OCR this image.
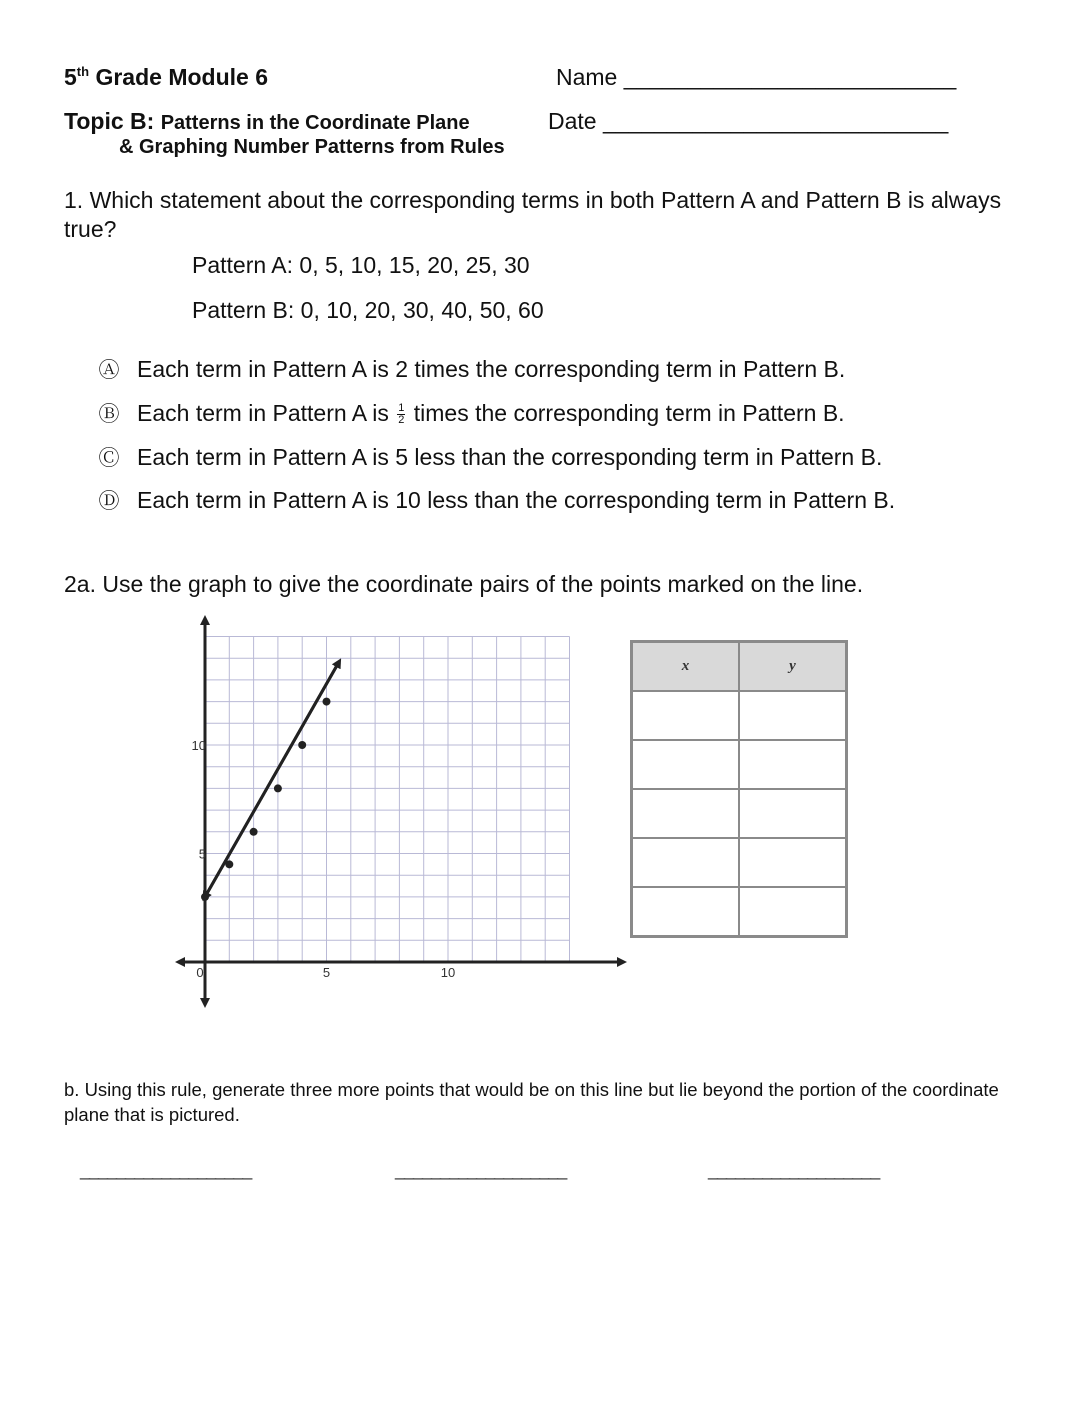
5th Grade Module 6	Name __________________________
Topic B: Patterns in the Coordinate Plane	Date ___________________________
& Graphing Number Patterns from Rules
1. Which statement about the corresponding terms in both Pattern A and Pattern B is always true?
Pattern A: 0, 5, 10, 15, 20, 25, 30
Pattern B: 0, 10, 20, 30, 40, 50, 60
Ⓐ Each term in Pattern A is 2 times the corresponding term in Pattern B.
Ⓑ Each term in Pattern A is $\frac{1}{2}$ times the corresponding term in Pattern B.
Ⓒ Each term in Pattern A is 5 less than the corresponding term in Pattern B.
Ⓓ Each term in Pattern A is 10 less than the corresponding term in Pattern B.
2a. Use the graph to give the coordinate pairs of the points marked on the line.
0	5	10
5
10
x	y

b. Using this rule, generate three more points that would be on this line but lie beyond the portion of the coordinate plane that is pictured.
___________________	___________________	___________________
